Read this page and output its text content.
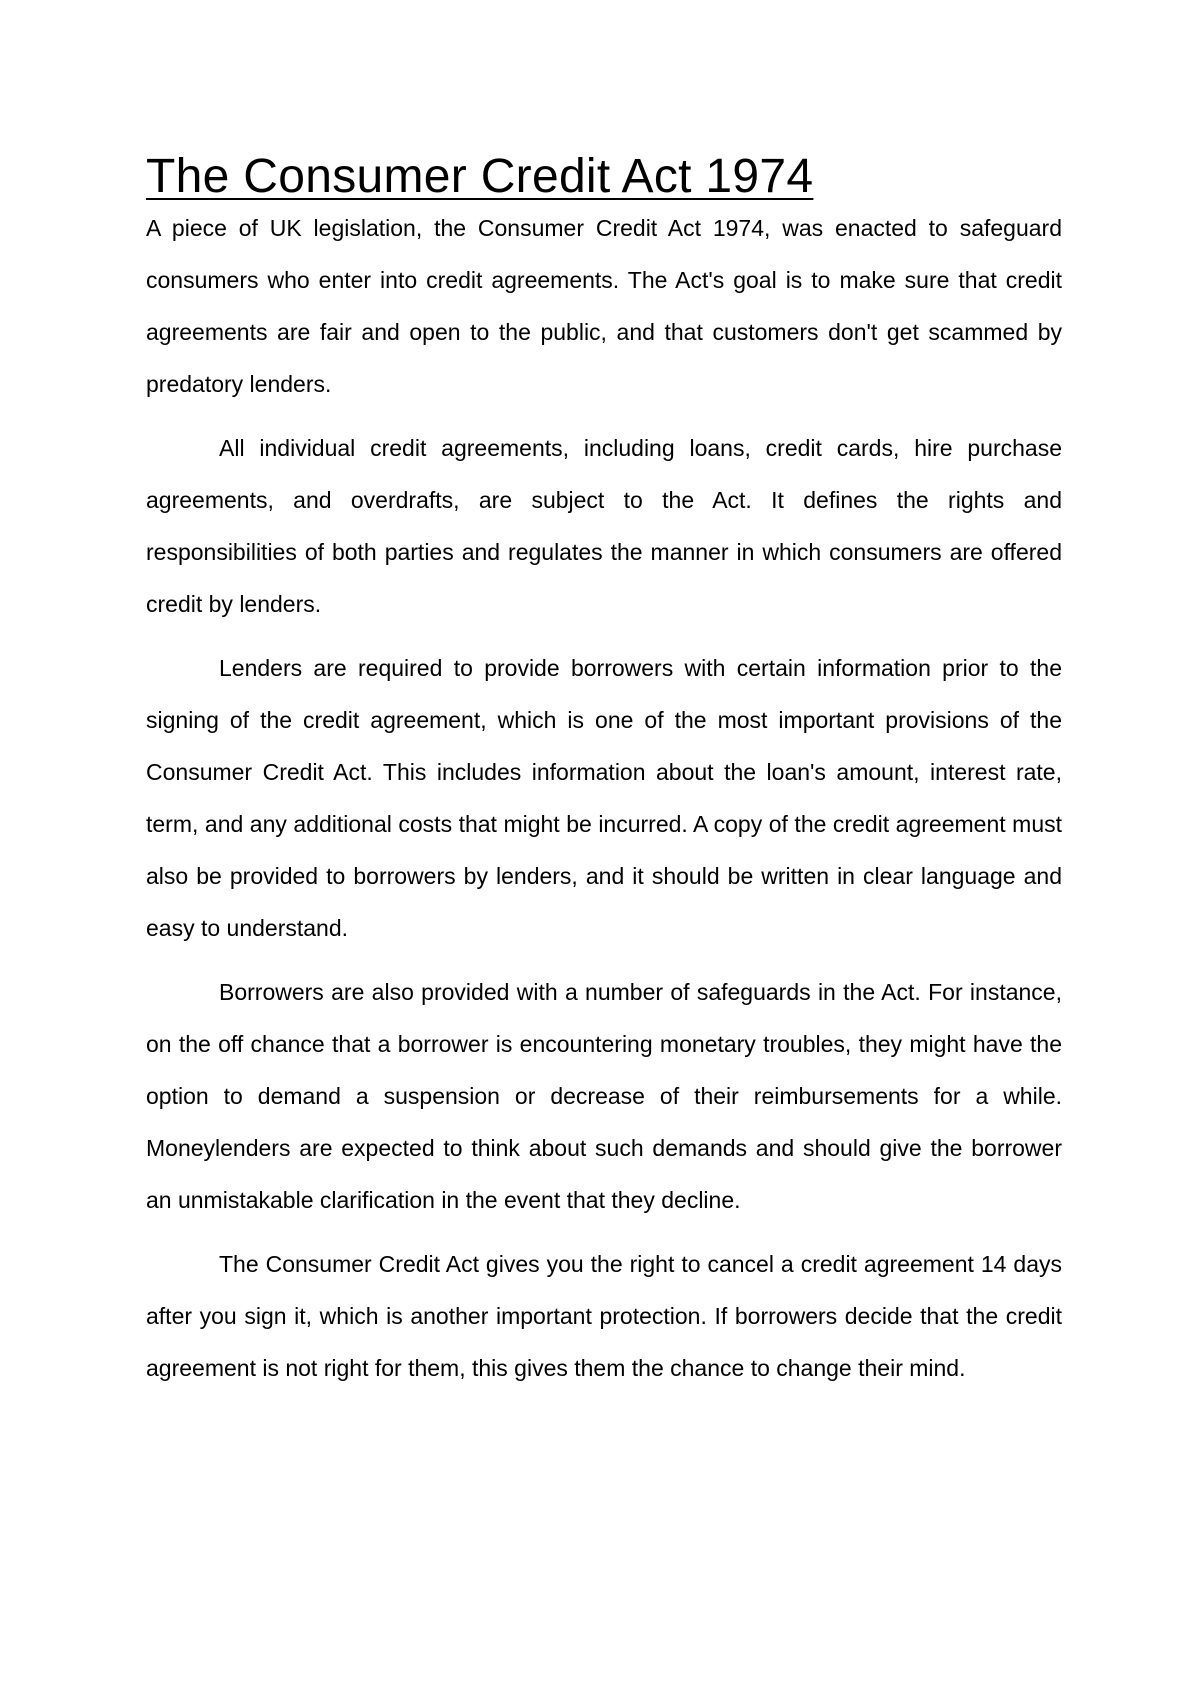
The Consumer Credit Act 1974

A piece of UK legislation, the Consumer Credit Act 1974, was enacted to safeguard consumers who enter into credit agreements. The Act's goal is to make sure that credit agreements are fair and open to the public, and that customers don't get scammed by predatory lenders.

All individual credit agreements, including loans, credit cards, hire purchase agreements, and overdrafts, are subject to the Act. It defines the rights and responsibilities of both parties and regulates the manner in which consumers are offered credit by lenders.

Lenders are required to provide borrowers with certain information prior to the signing of the credit agreement, which is one of the most important provisions of the Consumer Credit Act. This includes information about the loan's amount, interest rate, term, and any additional costs that might be incurred. A copy of the credit agreement must also be provided to borrowers by lenders, and it should be written in clear language and easy to understand.

Borrowers are also provided with a number of safeguards in the Act. For instance, on the off chance that a borrower is encountering monetary troubles, they might have the option to demand a suspension or decrease of their reimbursements for a while. Moneylenders are expected to think about such demands and should give the borrower an unmistakable clarification in the event that they decline.

The Consumer Credit Act gives you the right to cancel a credit agreement 14 days after you sign it, which is another important protection. If borrowers decide that the credit agreement is not right for them, this gives them the chance to change their mind.
